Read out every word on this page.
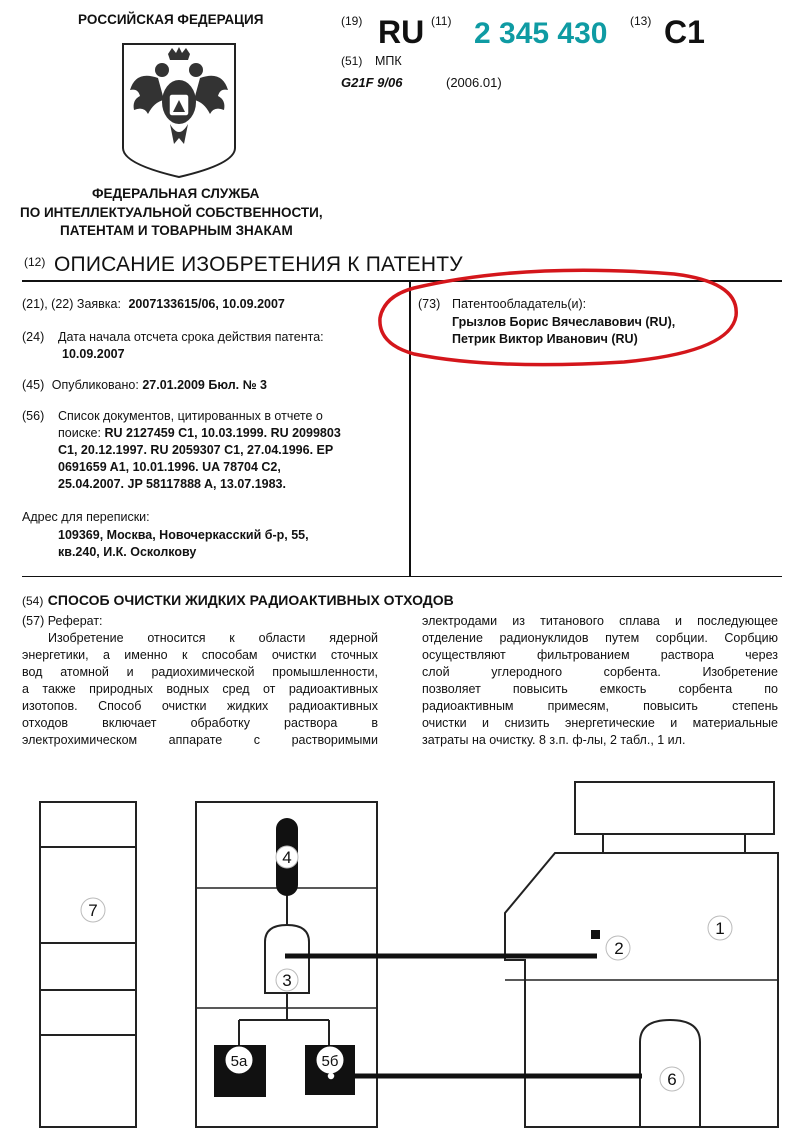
РОССИЙСКАЯ ФЕДЕРАЦИЯ
ФЕДЕРАЛЬНАЯ СЛУЖБА
ПО ИНТЕЛЛЕКТУАЛЬНОЙ СОБСТВЕННОСТИ,
ПАТЕНТАМ И ТОВАРНЫМ ЗНАКАМ
(19) RU (11) 2 345 430 (13) C1
(51) МПК
G21F 9/06	(2006.01)
(12) ОПИСАНИЕ ИЗОБРЕТЕНИЯ К ПАТЕНТУ
(21), (22) Заявка: 2007133615/06, 10.09.2007
(24) Дата начала отсчета срока действия патента:
10.09.2007
(45) Опубликовано: 27.01.2009 Бюл. № 3
(56) Список документов, цитированных в отчете о
поиске: RU 2127459 C1, 10.03.1999. RU 2099803
C1, 20.12.1997. RU 2059307 C1, 27.04.1996. EP
0691659 A1, 10.01.1996. UA 78704 C2,
25.04.2007. JP 58117888 A, 13.07.1983.
Адрес для переписки:
109369, Москва, Новочеркасский б-р, 55,
кв.240, И.К. Осколкову
(73) Патентообладатель(и):
Грызлов Борис Вячеславович (RU),
Петрик Виктор Иванович (RU)
(54) СПОСОБ ОЧИСТКИ ЖИДКИХ РАДИОАКТИВНЫХ ОТХОДОВ
(57) Реферат:
Изобретение относится к области ядерной
энергетики, а именно к способам очистки сточных
вод атомной и радиохимической промышленности,
а также природных водных сред от радиоактивных
изотопов. Способ очистки жидких радиоактивных
отходов включает обработку раствора в
электрохимическом аппарате с растворимыми
электродами из титанового сплава и последующее
отделение радионуклидов путем сорбции. Сорбцию
осуществляют фильтрованием раствора через
слой углеродного сорбента. Изобретение
позволяет повысить емкость сорбента по
радиоактивным примесям, повысить степень
очистки и снизить энергетические и материальные
затраты на очистку. 8 з.п. ф-лы, 2 табл., 1 ил.
7
4
3
2
1
6
5а	5б
